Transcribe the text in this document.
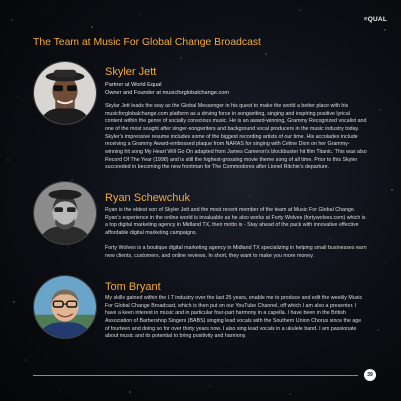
≡QUAL
The Team at Music For Global Change Broadcast
Skyler Jett
Partner at World Equal
Owner and Founder at musicforglobalchange.com

Skylar Jett leads the way as the Global Messenger in his quest to make the world a better place with his musicforglobalchange.com platform as a driving force in songwriting, singing and inspiring positive lyrical content within the genre of socially conscious music. He is an award-winning, Grammy Recognized vocalist and one of the most sought after singer-songwriters and background vocal producers in the music industry today. Skyler's impressive resume includes some of the biggest recording artists of our time. His accolades include receiving a Grammy Award-embossed plaque from NARAS for singing with Celine Dion on her Grammy-winning hit song My Heart Will Go On adapted from James Cameron's blockbuster hit film Titanic. This was also Record Of The Year (1998) and is still the highest-grossing movie theme song of all time. Prior to this Skyler succeeded in becoming the new frontman for The Commodores after Lionel Ritchie's departure.

Ryan Schewchuk

Ryan is the eldest son of Skyler Jett and the most recent member of the team at Music For Global Change. Ryan's experience in the online world is invaluable as he also works at Forty Wolves (fortywolves.com) which is a top digital marketing agency in Midland TX, their motto is - Stay ahead of the pack with innovative effective affordable digital marketing campaigns.

Forty Wolves is a boutique digital marketing agency in Midland TX specializing in helping small businesses earn new clients, customers, and online reviews. In short, they want to make you more money.

Tom Bryant

My skills gained within the I.T industry over the last 25 years, enable me to produce and edit the weekly Music For Global Change Broadcast, which is then put on our YouTube Channel, off which I am also a presenter. I have a keen interest in music and in particular four-part harmony in a capella. I have been in the British Association of Barbershop Singers (BABS) singing lead vocals with the Southern Union Chorus since the age of fourteen and doing so for over thirty years now. I also sing lead vocals in a ukulele band. I am passionate about music and its potential to bring positivity and harmony.

39
